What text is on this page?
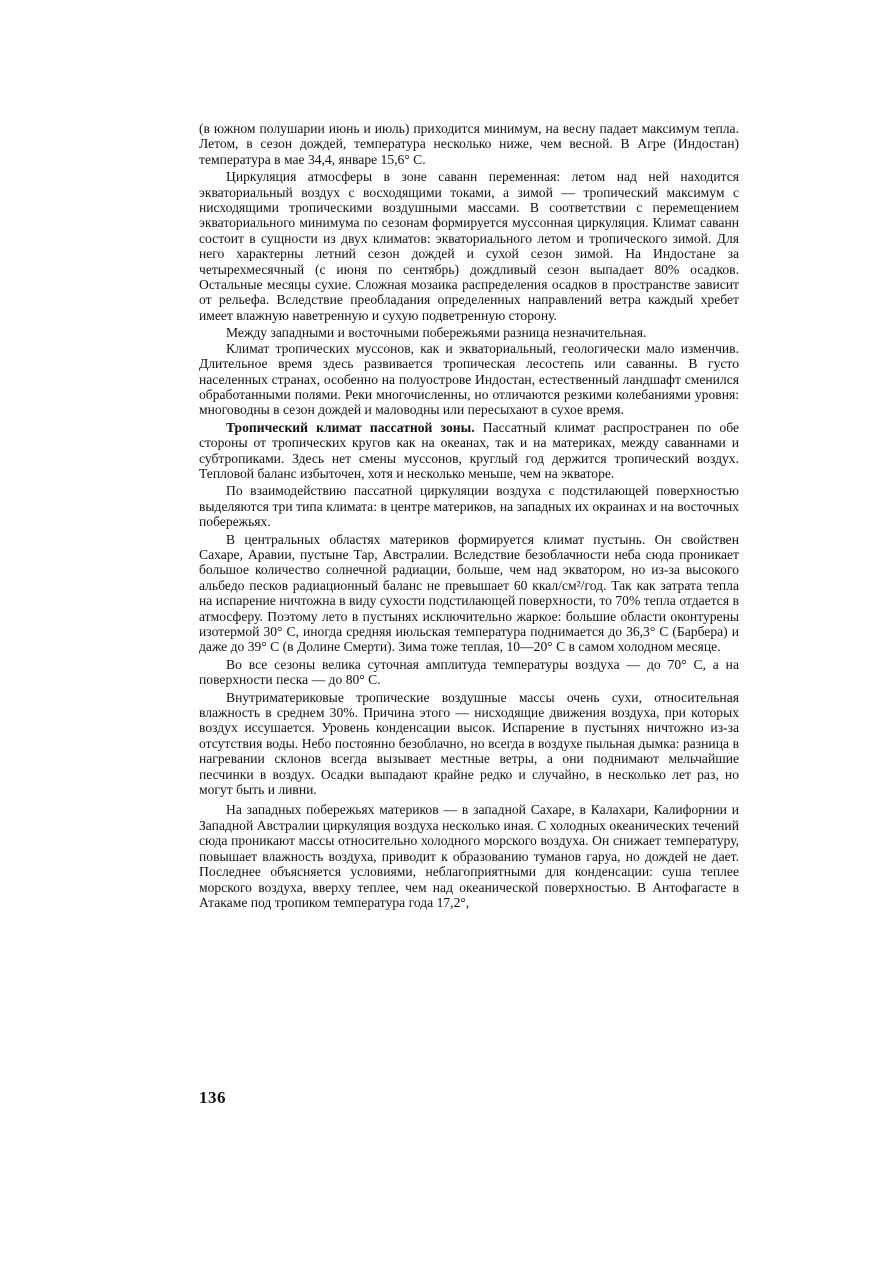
(в южном полушарии июнь и июль) приходится минимум, на весну падает максимум тепла. Летом, в сезон дождей, температура несколько ниже, чем весной. В Агре (Индостан) температура в мае 34,4, январе 15,6° С.

Циркуляция атмосферы в зоне саванн переменная: летом над ней находится экваториальный воздух с восходящими токами, а зимой — тропический максимум с нисходящими тропическими воздушными массами. В соответствии с перемещением экваториального минимума по сезонам формируется муссонная циркуляция. Климат саванн состоит в сущности из двух климатов: экваториального летом и тропического зимой. Для него характерны летний сезон дождей и сухой сезон зимой. На Индостане за четырехмесячный (с июня по сентябрь) дождливый сезон выпадает 80% осадков. Остальные месяцы сухие. Сложная мозаика распределения осадков в пространстве зависит от рельефа. Вследствие преобладания определенных направлений ветра каждый хребет имеет влажную наветренную и сухую подветренную сторону.

Между западными и восточными побережьями разница незначительная.

Климат тропических муссонов, как и экваториальный, геологически мало изменчив. Длительное время здесь развивается тропическая лесостепь или саванны. В густо населенных странах, особенно на полуострове Индостан, естественный ландшафт сменился обработанными полями. Реки многочисленны, но отличаются резкими колебаниями уровня: многоводны в сезон дождей и маловодны или пересыхают в сухое время.

Тропический климат пассатной зоны. Пассатный климат распространен по обе стороны от тропических кругов как на океанах, так и на материках, между саваннами и субтропиками. Здесь нет смены муссонов, круглый год держится тропический воздух. Тепловой баланс избыточен, хотя и несколько меньше, чем на экваторе.

По взаимодействию пассатной циркуляции воздуха с подстилающей поверхностью выделяются три типа климата: в центре материков, на западных их окраинах и на восточных побережьях.

В центральных областях материков формируется климат пустынь. Он свойствен Сахаре, Аравии, пустыне Тар, Австралии. Вследствие безоблачности неба сюда проникает большое количество солнечной радиации, больше, чем над экватором, но из-за высокого альбедо песков радиационный баланс не превышает 60 ккал/см²/год. Так как затрата тепла на испарение ничтожна в виду сухости подстилающей поверхности, то 70% тепла отдается в атмосферу. Поэтому лето в пустынях исключительно жаркое: большие области оконтурены изотермой 30° С, иногда средняя июльская температура поднимается до 36,3° С (Барбера) и даже до 39° С (в Долине Смерти). Зима тоже теплая, 10—20° С в самом холодном месяце.

Во все сезоны велика суточная амплитуда температуры воздуха — до 70° С, а на поверхности песка — до 80° С.

Внутриматериковые тропические воздушные массы очень сухи, относительная влажность в среднем 30%. Причина этого — нисходящие движения воздуха, при которых воздух иссушается. Уровень конденсации высок. Испарение в пустынях ничтожно из-за отсутствия воды. Небо постоянно безоблачно, но всегда в воздухе пыльная дымка: разница в нагревании склонов всегда вызывает местные ветры, а они поднимают мельчайшие песчинки в воздух. Осадки выпадают крайне редко и случайно, в несколько лет раз, но могут быть и ливни.

На западных побережьях материков — в западной Сахаре, в Калахари, Калифорнии и Западной Австралии циркуляция воздуха несколько иная. С холодных океанических течений сюда проникают массы относительно холодного морского воздуха. Он снижает температуру, повышает влажность воздуха, приводит к образованию туманов гаруа, но дождей не дает. Последнее объясняется условиями, неблагоприятными для конденсации: суша теплее морского воздуха, вверху теплее, чем над океанической поверхностью. В Антофагасте в Атакаме под тропиком температура года 17,2°,

136
